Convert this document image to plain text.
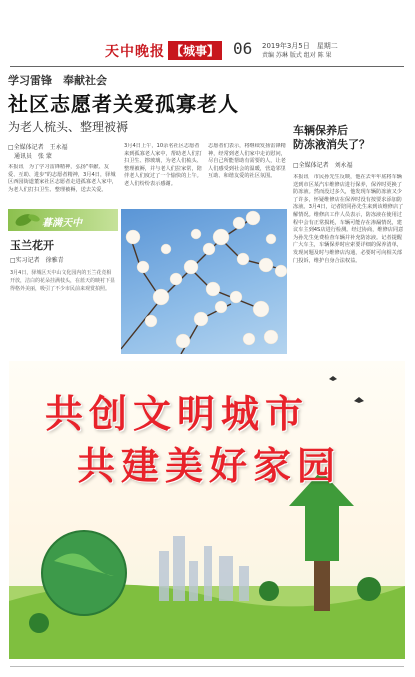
天中晚报 【城事】 06 2019年3月5日　星期二
责编 苏琳 版式 组对 陈 果
学习雷锋　奉献社会
社区志愿者关爱孤寡老人
为老人梳头、整理被褥
□全媒体记者　王永福
　通讯员　张 蒙
本报讯　为了学习雷锋精神，弘扬"奉献、友爱、互助、进步"的志愿者精神，3月4日，驿城区西园街道董家社区志愿者走进孤寡老人家中，为老人们打扫卫生、整理被褥，送去关爱。
3月4日上午，10余名社区志愿者来到孤寡老人家中，帮助老人们打扫卫生、擦玻璃，为老人们梳头、整理被褥，并与老人们拉家常，陪伴老人们度过了一个愉快的上午。老人们纷纷表示感谢。
志愿者们表示，将继续发扬雷锋精神，经常到老人们家中走访慰问，尽自己所能帮助有需要的人，让老人们感受到社会的温暖，营造邻里互助、和谐友爱的社区氛围。
暮满天中
玉兰花开
□实习记者　徐雅青
3月4日，驿城区天中山文化园内的玉兰花竞相开放，洁白的花朵挂满枝头，在蓝天的映衬下显得格外美丽，吸引了不少市民前来观赏拍照。
车辆保养后
防冻液消失了？
□全媒体记者　刘永福
本报讯　市民孙先生反映，他在去年年底将车辆送到市区某汽车维修店进行保养，保养时更换了防冻液。然而没过多久，他发现车辆防冻液又少了许多，怀疑维修店在保养时没有按要求添加防冻液。3月4日，记者陪同孙先生来到该维修店了解情况。维修店工作人员表示，防冻液在使用过程中会有正常损耗，车辆可能存在渗漏情况，建议车主到4S店进行检测。经过协商，维修店同意为孙先生免费检查车辆并补充防冻液。记者提醒广大车主，车辆保养时应索要详细的保养清单，发现问题及时与维修店沟通，必要时可向相关部门投诉，维护自身合法权益。
共创文明城市
共建美好家园
